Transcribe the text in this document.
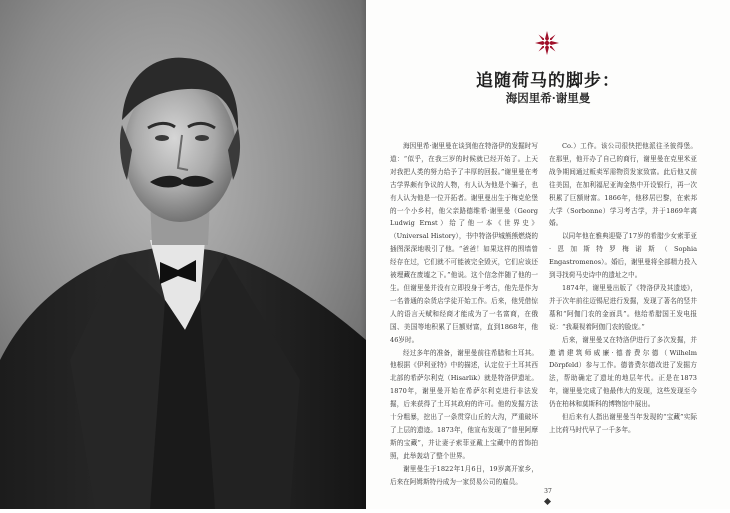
追随荷马的脚步：
海因里希·谢里曼

海因里希·谢里曼在谈到他在特洛伊的发掘时写道：“似乎，在我三岁的时候就已经开始了。上天对我把人类的努力给予了丰厚的回报。”谢里曼在考古学界颇有争议的人物，有人认为他是个骗子，也有人认为他是一位开拓者。谢里曼出生于梅克伦堡的一个小乡村，他父亲路德维希·谢里曼（Georg Ludwig Ernst）给了他一本《世界史》（Universal History），书中特洛伊城熊熊燃烧的插图深深地吸引了他。“爸爸！如果这样的围墙曾经存在过，它们就不可能被完全毁灭，它们应该还被埋藏在废墟之下。”他说。这个信念伴随了他的一生。但谢里曼并没有立即投身于考古，他先是作为一名普通的杂货店学徒开始工作。后来，他凭借惊人的语言天赋和经商才能成为了一名富商，在俄国、美国等地积累了巨额财富，直到1868年，他46岁时。

经过多年的准备，谢里曼前往希腊和土耳其。他根据《伊利亚特》中的描述，认定位于土耳其西北部的希萨尔利克（Hisarlik）就是特洛伊遗址。1870年，谢里曼开始在希萨尔利克进行非法发掘，后来获得了土耳其政府的许可。他的发掘方法十分粗暴，挖出了一条贯穿山丘的大沟，严重破坏了上层的遗迹。1873年，他宣布发现了“普里阿摩斯的宝藏”，并让妻子索菲亚戴上宝藏中的首饰拍照，此举轰动了整个世界。

谢里曼生于1822年1月6日，19岁离开家乡，后来在阿姆斯特丹成为一家贸易公司的雇员。

Co.）工作。该公司很快把他派往圣彼得堡。在那里，他开办了自己的商行，谢里曼在克里米亚战争期间通过贩卖军需物资发家致富。此后他又前往美国，在加利福尼亚淘金热中开设银行，再一次积累了巨额财富。1866年，他移居巴黎，在索邦大学（Sorbonne）学习考古学，并于1869年离婚。

以同年他在雅典迎娶了17岁的希腊少女索菲亚·恩加斯特罗梅诺斯（Sophia Engastromenos）。婚后，谢里曼将全部精力投入到寻找荷马史诗中的遗址之中。

1874年，谢里曼出版了《特洛伊及其遗迹》，并于次年前往迈锡尼进行发掘，发现了著名的竖井墓和“阿伽门农的金面具”。他给希腊国王发电报说：“我凝视着阿伽门农的脸庞。”

后来，谢里曼又在特洛伊进行了多次发掘，并邀请建筑师威廉·德普费尔德（Wilhelm Dörpfeld）参与工作。德普费尔德改进了发掘方法，帮助确定了遗址的地层年代。正是在1873年，谢里曼完成了他最伟大的发现，这些发现至今仍在柏林和莫斯科的博物馆中展出。

但后来有人指出谢里曼当年发现的“宝藏”实际上比荷马时代早了一千多年。

37
